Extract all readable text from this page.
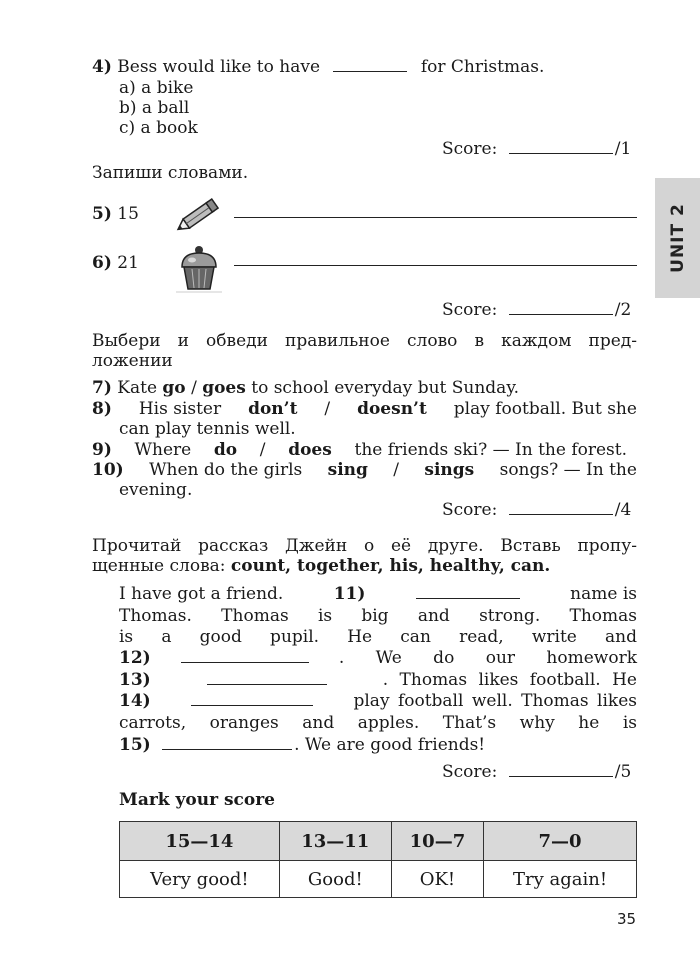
4) Bess would like to have	for Christmas.
a) a bike
b) a ball
c) a book
Score:	/1
Запиши словами.
5) 15
6) 21
Score:	/2
Выбери и обведи правильное слово в каждом пред-
ложении
7) Kate go / goes to school everyday but Sunday.
8) His sister don’t / doesn’t play football. But she
can play tennis well.
9) Where do / does the friends ski? — In the forest.
10) When do the girls sing / sings songs? — In the
evening.
Score:	/4
Прочитай рассказ Джейн о её друге. Вставь пропу-
щенные слова: count, together, his, healthy, can.
I have got a friend.	11)	name is
Thomas. Thomas is big and strong. Thomas
is a good pupil. He can read, write and
12)	. We do our homework
13)	. Thomas likes football. He
14)	play football well. Thomas likes
carrots, oranges and apples. That’s why he is
15)	. We are good friends!
Score:	/5
Mark your score
15—14	13—11	10—7	7—0
Very good!	Good!	OK!	Try again!
UNIT 2
35
